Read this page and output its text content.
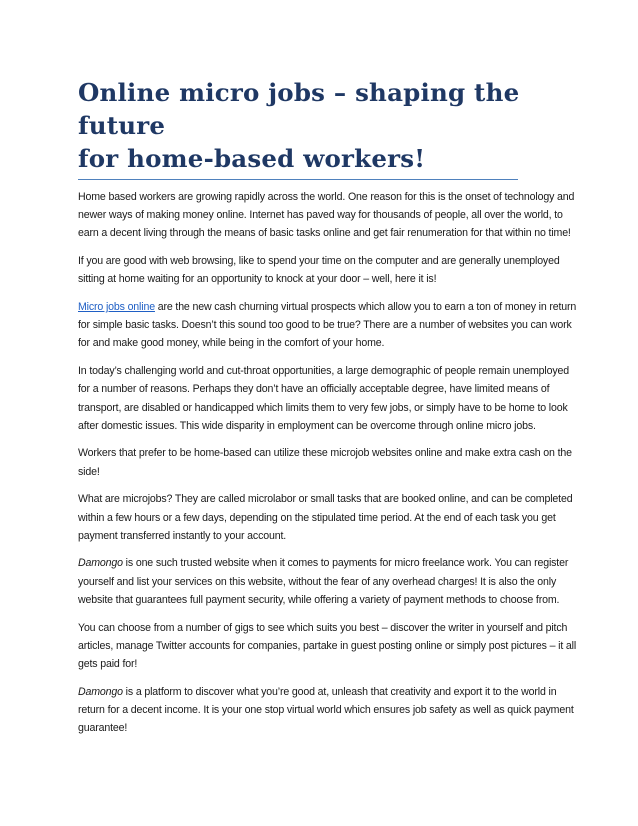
Online micro jobs – shaping the future
for home-based workers!

Home based workers are growing rapidly across the world. One reason for this is the onset of technology and newer ways of making money online. Internet has paved way for thousands of people, all over the world, to earn a decent living through the means of basic tasks online and get fair renumeration for that within no time!

If you are good with web browsing, like to spend your time on the computer and are generally unemployed sitting at home waiting for an opportunity to knock at your door – well, here it is!

Micro jobs online are the new cash churning virtual prospects which allow you to earn a ton of money in return for simple basic tasks. Doesn’t this sound too good to be true? There are a number of websites you can work for and make good money, while being in the comfort of your home.

In today’s challenging world and cut-throat opportunities, a large demographic of people remain unemployed for a number of reasons. Perhaps they don’t have an officially acceptable degree, have limited means of transport, are disabled or handicapped which limits them to very few jobs, or simply have to be home to look after domestic issues. This wide disparity in employment can be overcome through online micro jobs.

Workers that prefer to be home-based can utilize these microjob websites online and make extra cash on the side!

What are microjobs? They are called microlabor or small tasks that are booked online, and can be completed within a few hours or a few days, depending on the stipulated time period. At the end of each task you get payment transferred instantly to your account.

Damongo is one such trusted website when it comes to payments for micro freelance work. You can register yourself and list your services on this website, without the fear of any overhead charges! It is also the only website that guarantees full payment security, while offering a variety of payment methods to choose from.

You can choose from a number of gigs to see which suits you best – discover the writer in yourself and pitch articles, manage Twitter accounts for companies, partake in guest posting online or simply post pictures – it all gets paid for!

Damongo is a platform to discover what you’re good at, unleash that creativity and export it to the world in return for a decent income. It is your one stop virtual world which ensures job safety as well as quick payment guarantee!
